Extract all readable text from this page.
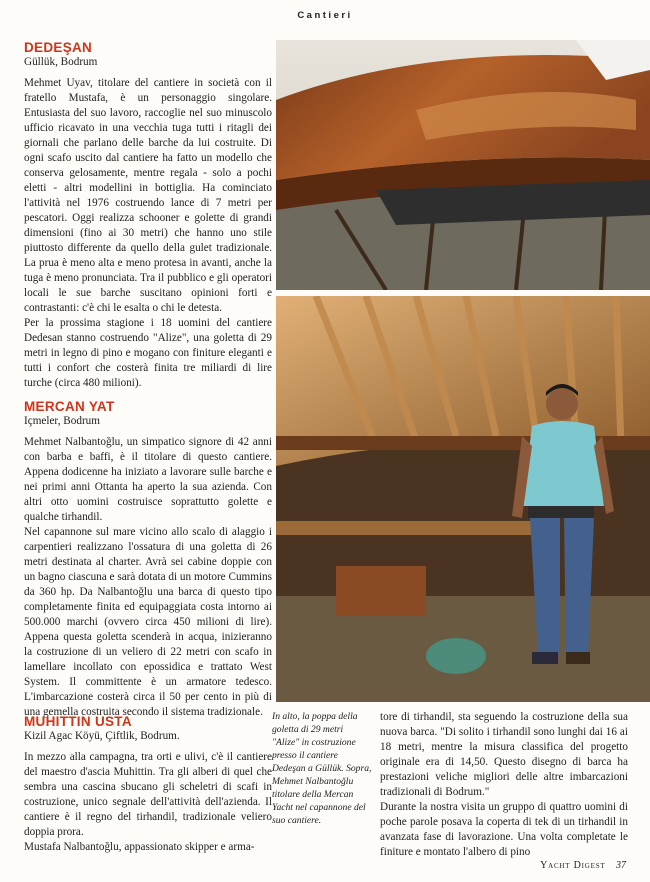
Cantieri
DEDEŞAN
Güllük, Bodrum

Mehmet Uyav, titolare del cantiere in società con il fratello Mustafa, è un personaggio singolare. Entusiasta del suo lavoro, raccoglie nel suo minuscolo ufficio ricavato in una vecchia tuga tutti i ritagli dei giornali che parlano delle barche da lui costruite. Di ogni scafo uscito dal cantiere ha fatto un modello che conserva gelosamente, mentre regala - solo a pochi eletti - altri modellini in bottiglia. Ha cominciato l'attività nel 1976 costruendo lance di 7 metri per pescatori. Oggi realizza schooner e golette di grandi dimensioni (fino ai 30 metri) che hanno uno stile piuttosto differente da quello della gulet tradizionale. La prua è meno alta e meno protesa in avanti, anche la tuga è meno pronunciata. Tra il pubblico e gli operatori locali le sue barche suscitano opinioni forti e contrastanti: c'è chi le esalta o chi le detesta.

Per la prossima stagione i 18 uomini del cantiere Dedesan stanno costruendo "Alize", una goletta di 29 metri in legno di pino e mogano con finiture eleganti e tutti i confort che costerà finita tre miliardi di lire turche (circa 480 milioni).

MERCAN YAT
Içmeler, Bodrum

Mehmet Nalbantoğlu, un simpatico signore di 42 anni con barba e baffi, è il titolare di questo cantiere. Appena dodicenne ha iniziato a lavorare sulle barche e nei primi anni Ottanta ha aperto la sua azienda. Con altri otto uomini costruisce soprattutto golette e qualche tirhandil.

Nel capannone sul mare vicino allo scalo di alaggio i carpentieri realizzano l'ossatura di una goletta di 26 metri destinata al charter. Avrà sei cabine doppie con un bagno ciascuna e sarà dotata di un motore Cummins da 360 hp. Da Nalbantoğlu una barca di questo tipo completamente finita ed equipaggiata costa intorno ai 500.000 marchi (ovvero circa 450 milioni di lire). Appena questa goletta scenderà in acqua, inizieranno la costruzione di un veliero di 22 metri con scafo in lamellare incollato con epossidica e trattato West System. Il committente è un armatore tedesco. L'imbarcazione costerà circa il 50 per cento in più di una gemella costruita secondo il sistema tradizionale.

MUHITTIN USTA
Kizil Agac Köyü, Çiftlik, Bodrum.

In mezzo alla campagna, tra orti e ulivi, c'è il cantiere del maestro d'ascia Muhittin. Tra gli alberi di quel che sembra una cascina sbucano gli scheletri di scafi in costruzione, unico segnale dell'attività dell'azienda. Il cantiere è il regno del tirhandil, tradizionale veliero doppia prora.

Mustafa Nalbantoğlu, appassionato skipper e arma-

In alto, la poppa della goletta di 29 metri "Alize" in costruzione presso il cantiere Dedeşan a Güllük. Sopra, Mehmet Nalbantoğlu titolare della Mercan Yacht nel capannone del suo cantiere.

tore di tirhandil, sta seguendo la costruzione della sua nuova barca. "Di solito i tirhandil sono lunghi dai 16 ai 18 metri, mentre la misura classifica del progetto originale era di 14,50. Questo disegno di barca ha prestazioni veliche migliori delle altre imbarcazioni tradizionali di Bodrum."

Durante la nostra visita un gruppo di quattro uomini di poche parole posava la coperta di tek di un tirhandil in avanzata fase di lavorazione. Una volta completate le finiture e montato l'albero di pino

Yacht Digest 37
